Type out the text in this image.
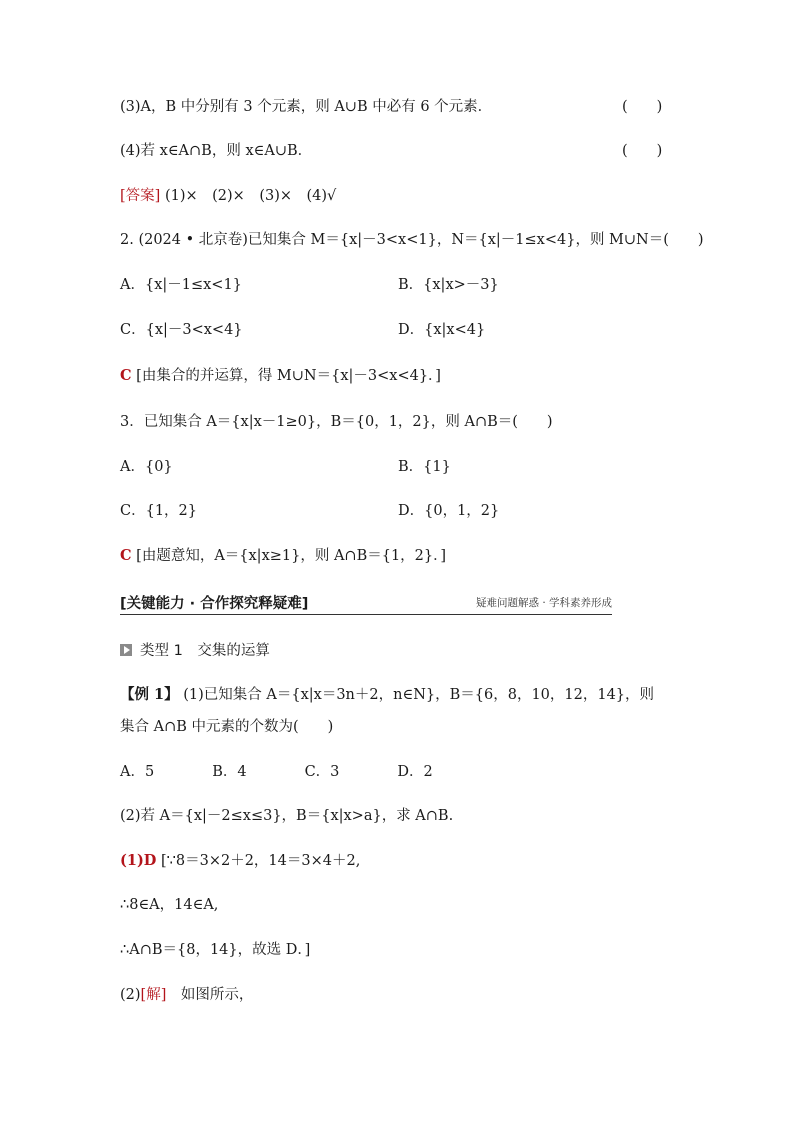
(3)A，B 中分别有 3 个元素，则 A∪B 中必有 6 个元素．	(　　)
(4)若 x∈A∩B，则 x∈A∪B．	(　　)
[答案] (1)×　(2)×　(3)×　(4)√
2. (2024 • 北京卷)已知集合 M＝{x|－3<x<1}，N＝{x|－1≤x<4}，则 M∪N＝(　　)
A．{x|－1≤x<1}	B．{x|x>－3}
C．{x|－3<x<4}	D．{x|x<4}
C [由集合的并运算，得 M∪N＝{x|－3<x<4}．]
3．已知集合 A＝{x|x－1≥0}，B＝{0，1，2}，则 A∩B＝(　　)
A．{0}	B．{1}
C．{1，2}	D．{0，1，2}
C [由题意知，A＝{x|x≥1}，则 A∩B＝{1，2}．]
[关键能力 · 合作探究释疑难]	疑难问题解惑 · 学科素养形成
类型 1　交集的运算
【例 1】 (1)已知集合 A＝{x|x＝3n＋2，n∈N}，B＝{6，8，10，12，14}，则
集合 A∩B 中元素的个数为(　　)
A．5　　　　B．4　　　　C．3　　　　D．2
(2)若 A＝{x|－2≤x≤3}，B＝{x|x>a}，求 A∩B.
(1)D [∵8＝3×2＋2，14＝3×4＋2,
∴8∈A，14∈A,
∴A∩B＝{8，14}，故选 D．]
(2)[解]　如图所示，
